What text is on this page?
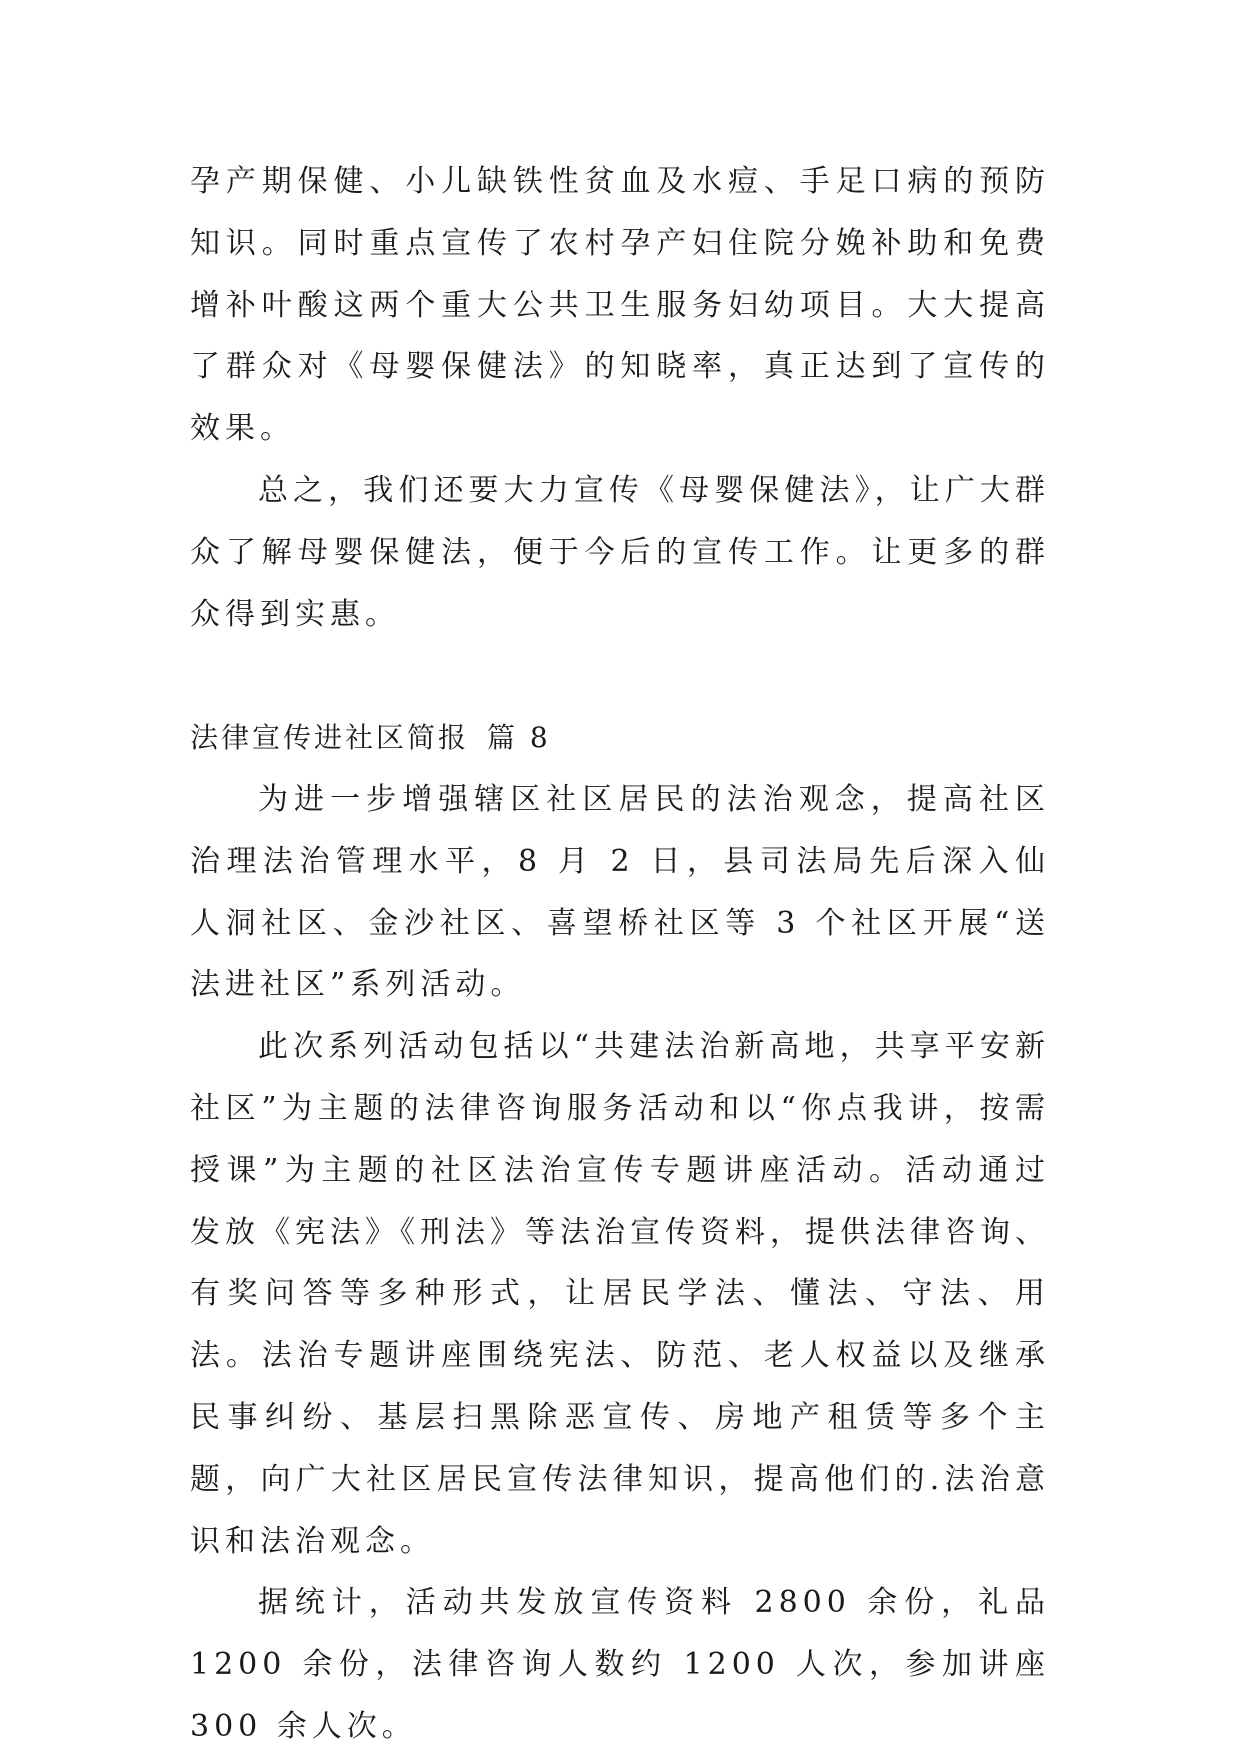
孕产期保健、小儿缺铁性贫血及水痘、手足口病的预防知识。同时重点宣传了农村孕产妇住院分娩补助和免费增补叶酸这两个重大公共卫生服务妇幼项目。大大提高了群众对《母婴保健法》的知晓率，真正达到了宣传的效果。

总之，我们还要大力宣传《母婴保健法》，让广大群众了解母婴保健法，便于今后的宣传工作。让更多的群众得到实惠。

法律宣传进社区简报 篇 8

为进一步增强辖区社区居民的法治观念，提高社区治理法治管理水平，8 月 2 日，县司法局先后深入仙人洞社区、金沙社区、喜望桥社区等 3 个社区开展“送法进社区”系列活动。

此次系列活动包括以“共建法治新高地，共享平安新社区”为主题的法律咨询服务活动和以“你点我讲，按需授课”为主题的社区法治宣传专题讲座活动。活动通过发放《宪法》《刑法》等法治宣传资料，提供法律咨询、有奖问答等多种形式，让居民学法、懂法、守法、用法。法治专题讲座围绕宪法、防范、老人权益以及继承民事纠纷、基层扫黑除恶宣传、房地产租赁等多个主题，向广大社区居民宣传法律知识，提高他们的.法治意识和法治观念。

据统计，活动共发放宣传资料 2800 余份，礼品 1200 余份，法律咨询人数约 1200 人次，参加讲座 300 余人次。
